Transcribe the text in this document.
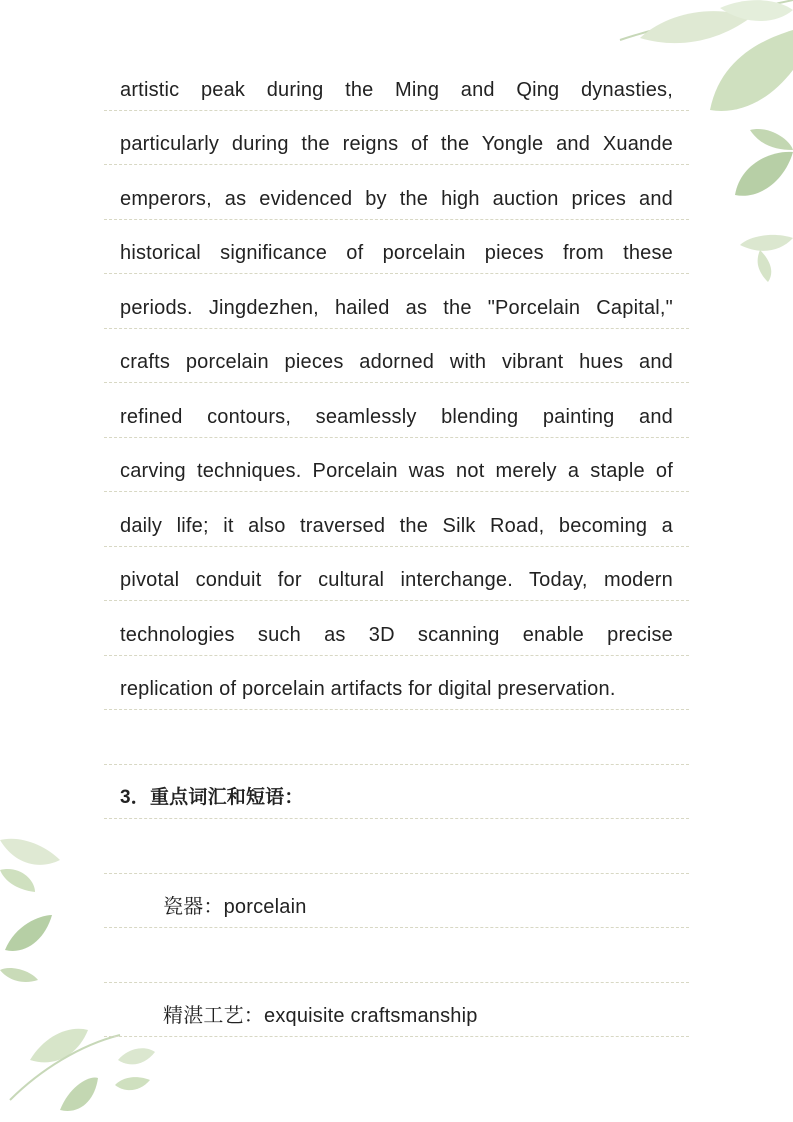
artistic peak during the Ming and Qing dynasties,
particularly during the reigns of the Yongle and Xuande
emperors, as evidenced by the high auction prices and
historical significance of porcelain pieces from these
periods. Jingdezhen, hailed as the "Porcelain Capital,"
crafts porcelain pieces adorned with vibrant hues and
refined contours, seamlessly blending painting and
carving techniques. Porcelain was not merely a staple of
daily life; it also traversed the Silk Road, becoming a
pivotal conduit for cultural interchange. Today, modern
technologies such as 3D scanning enable precise
replication of porcelain artifacts for digital preservation.
3．重点词汇和短语：
瓷器：porcelain
精湛工艺：exquisite craftsmanship
